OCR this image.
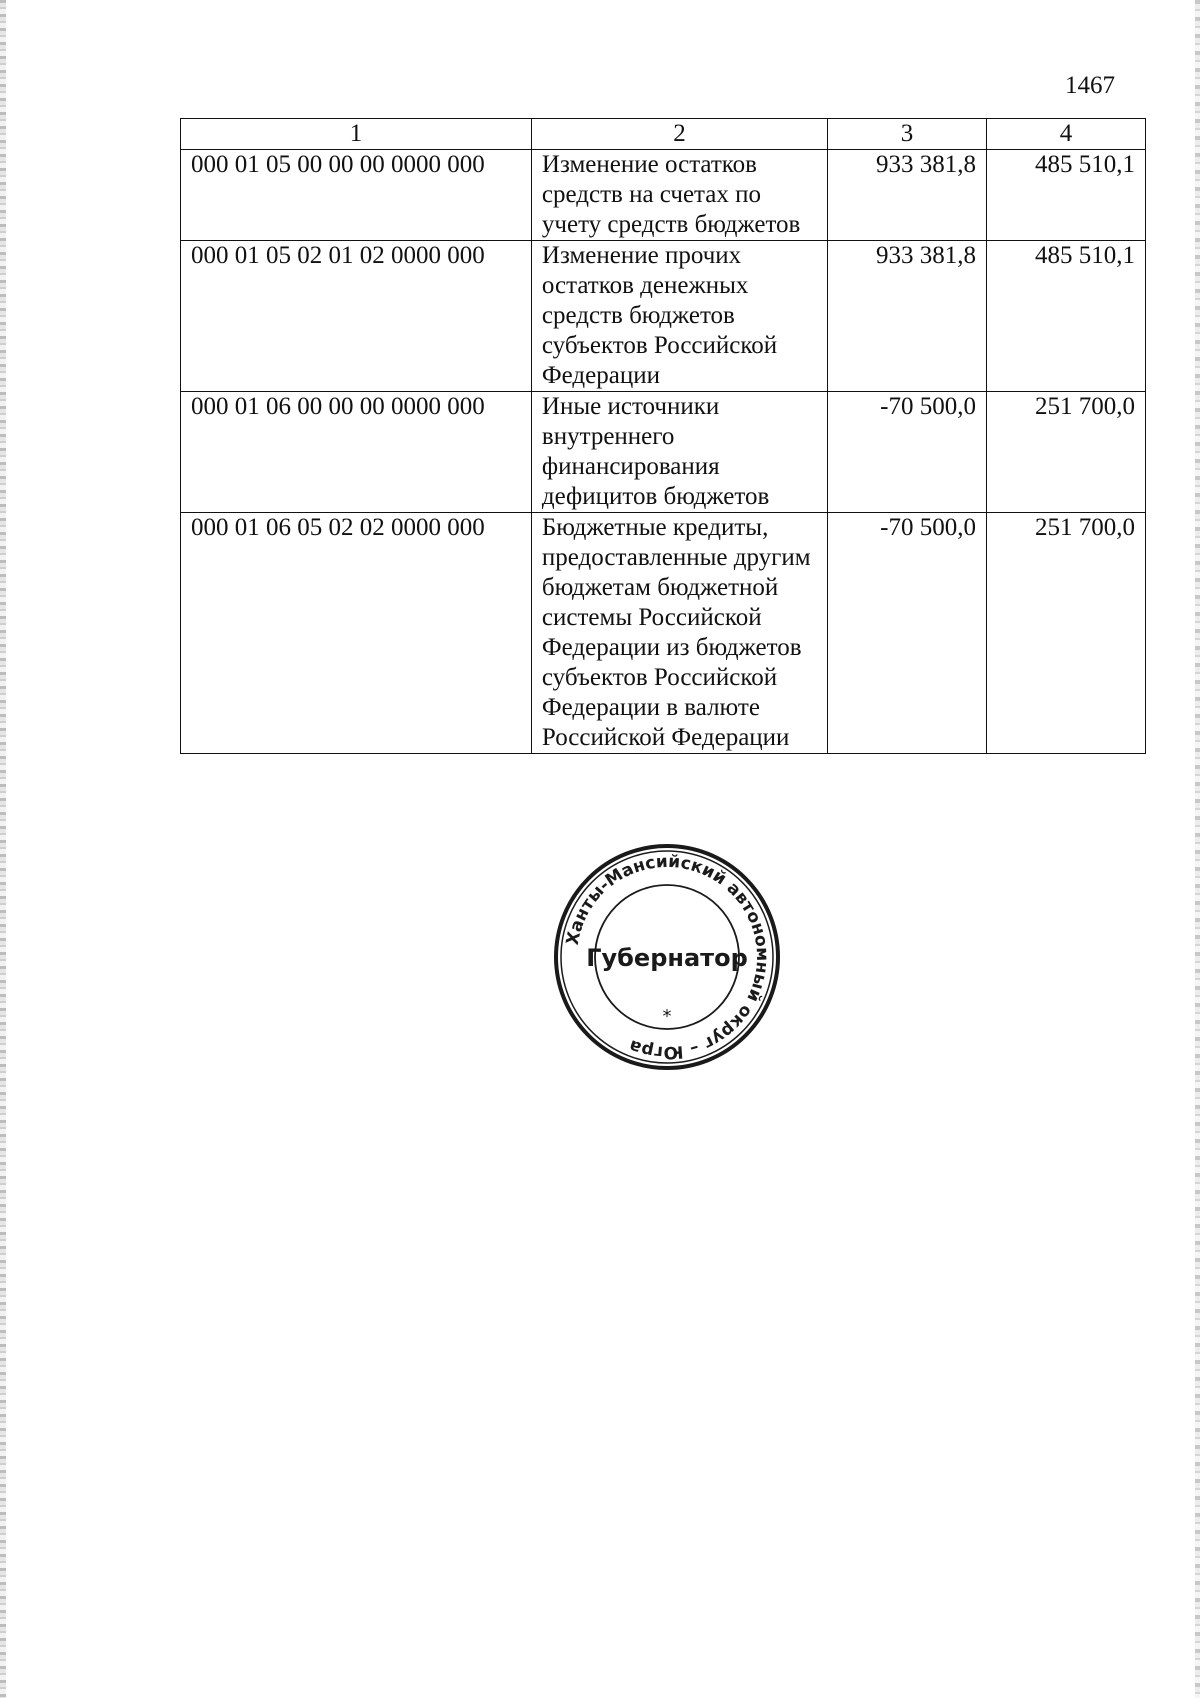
1467
1	2	3	4
000 01 05 00 00 00 0000 000	Изменение остатков средств на счетах по учету средств бюджетов	933 381,8	485 510,1
000 01 05 02 01 02 0000 000	Изменение прочих остатков денежных средств бюджетов субъектов Российской Федерации	933 381,8	485 510,1
000 01 06 00 00 00 0000 000	Иные источники внутреннего финансирования дефицитов бюджетов	-70 500,0	251 700,0
000 01 06 05 02 02 0000 000	Бюджетные кредиты, предоставленные другим бюджетам бюджетной системы Российской Федерации из бюджетов субъектов Российской Федерации в валюте Российской Федерации	-70 500,0	251 700,0
Ханты-Мансийский автономный округ – Югра
Губернатор
*
